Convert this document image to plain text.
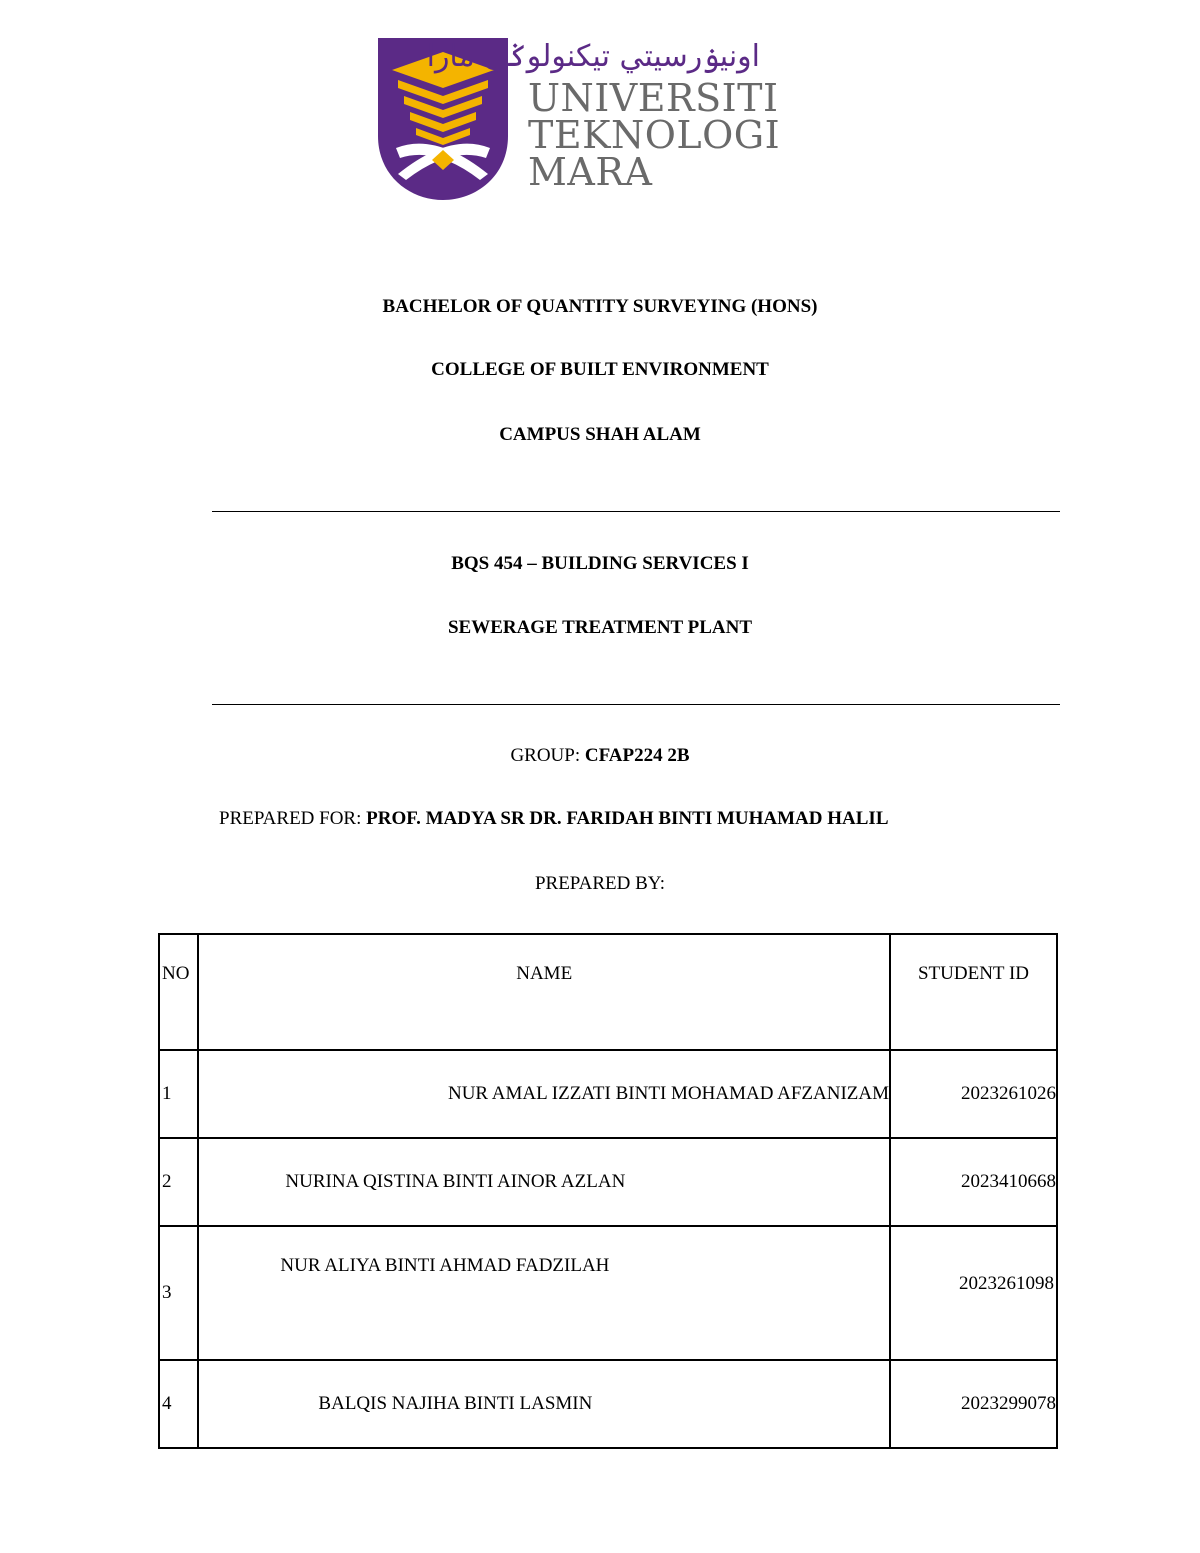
اونيۏرسيتي تيکنولوݢي مارا
UNIVERSITI
TEKNOLOGI
MARA
BACHELOR OF QUANTITY SURVEYING (HONS)
COLLEGE OF BUILT ENVIRONMENT
CAMPUS SHAH ALAM
BQS 454 – BUILDING SERVICES I
SEWERAGE TREATMENT PLANT
GROUP: CFAP224 2B
PREPARED FOR: PROF. MADYA SR DR. FARIDAH BINTI MUHAMAD HALIL
PREPARED BY:
NO	NAME	STUDENT ID
1	NUR AMAL IZZATI BINTI MOHAMAD AFZANIZAM	2023261026
2	NURINA QISTINA BINTI AINOR AZLAN	2023410668
3	NUR ALIYA BINTI AHMAD FADZILAH	2023261098
4	BALQIS NAJIHA BINTI LASMIN	2023299078
